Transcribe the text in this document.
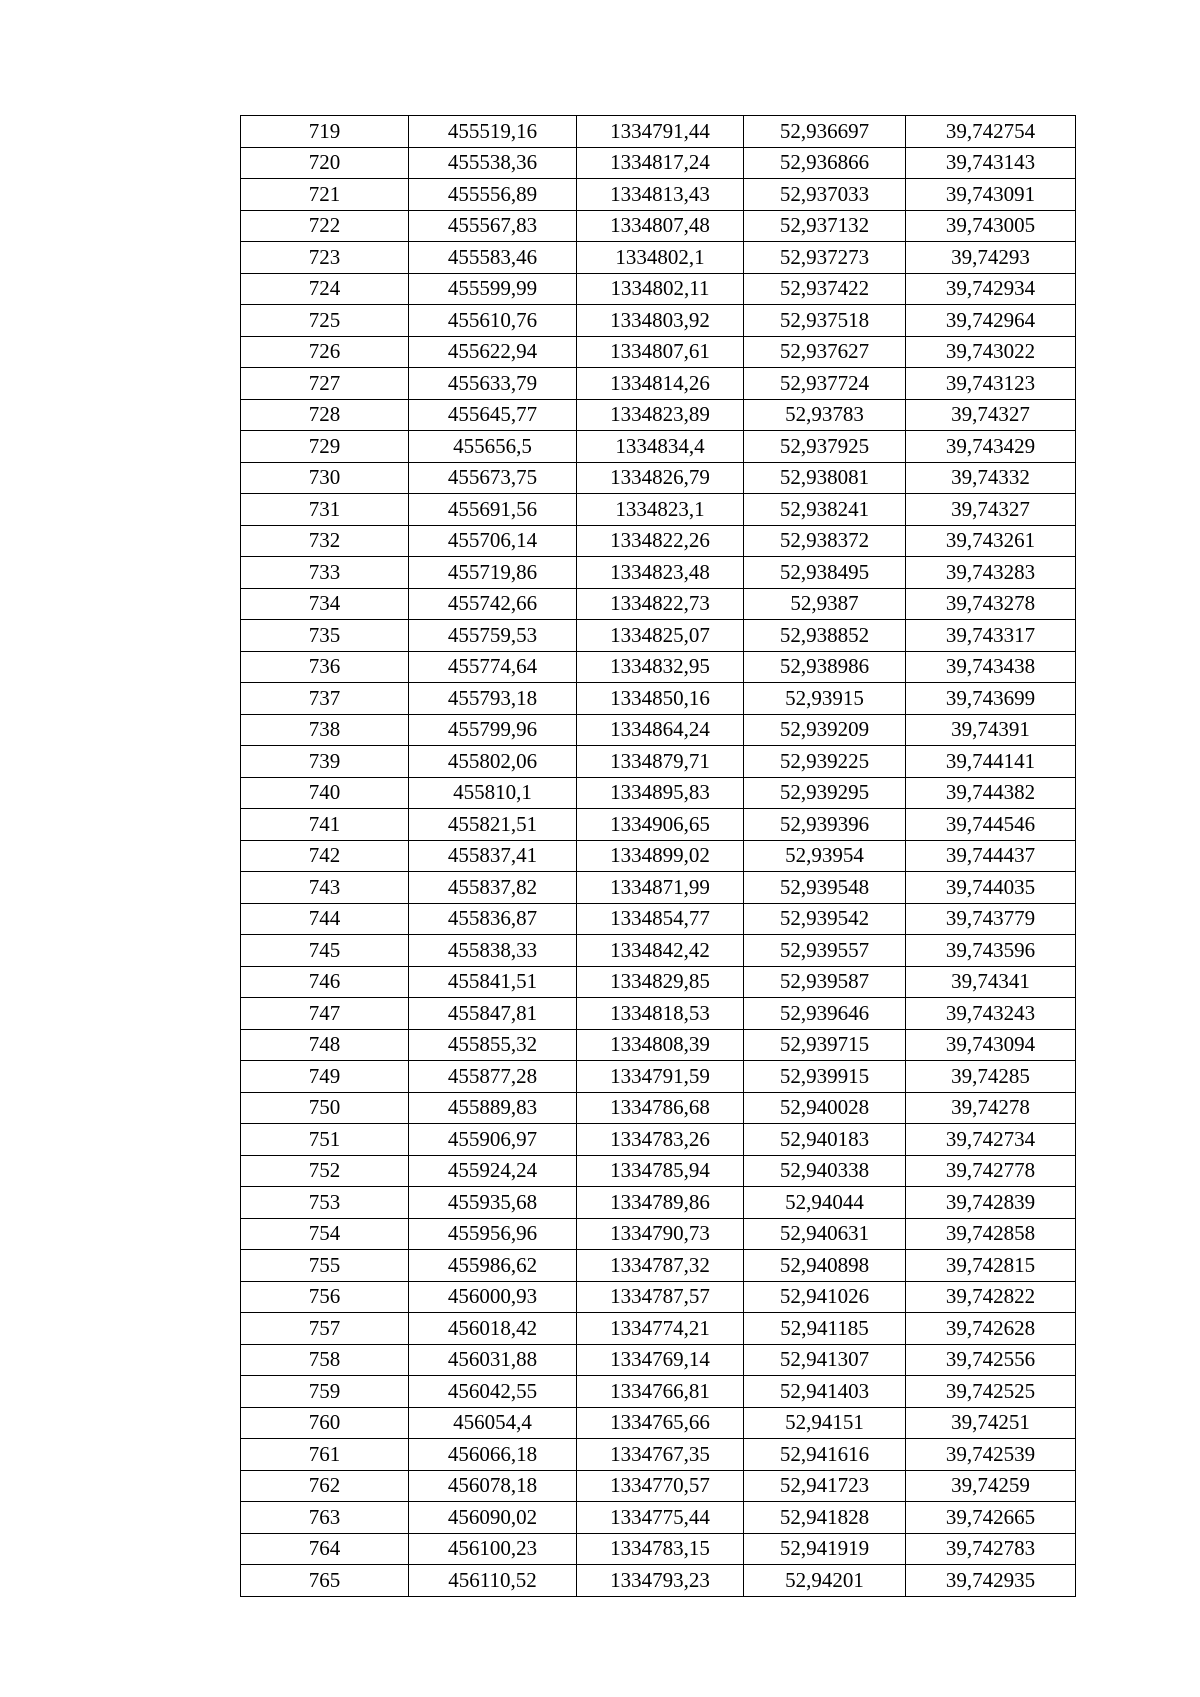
719	455519,16	1334791,44	52,936697	39,742754
720	455538,36	1334817,24	52,936866	39,743143
721	455556,89	1334813,43	52,937033	39,743091
722	455567,83	1334807,48	52,937132	39,743005
723	455583,46	1334802,1	52,937273	39,74293
724	455599,99	1334802,11	52,937422	39,742934
725	455610,76	1334803,92	52,937518	39,742964
726	455622,94	1334807,61	52,937627	39,743022
727	455633,79	1334814,26	52,937724	39,743123
728	455645,77	1334823,89	52,93783	39,74327
729	455656,5	1334834,4	52,937925	39,743429
730	455673,75	1334826,79	52,938081	39,74332
731	455691,56	1334823,1	52,938241	39,74327
732	455706,14	1334822,26	52,938372	39,743261
733	455719,86	1334823,48	52,938495	39,743283
734	455742,66	1334822,73	52,9387	39,743278
735	455759,53	1334825,07	52,938852	39,743317
736	455774,64	1334832,95	52,938986	39,743438
737	455793,18	1334850,16	52,93915	39,743699
738	455799,96	1334864,24	52,939209	39,74391
739	455802,06	1334879,71	52,939225	39,744141
740	455810,1	1334895,83	52,939295	39,744382
741	455821,51	1334906,65	52,939396	39,744546
742	455837,41	1334899,02	52,93954	39,744437
743	455837,82	1334871,99	52,939548	39,744035
744	455836,87	1334854,77	52,939542	39,743779
745	455838,33	1334842,42	52,939557	39,743596
746	455841,51	1334829,85	52,939587	39,74341
747	455847,81	1334818,53	52,939646	39,743243
748	455855,32	1334808,39	52,939715	39,743094
749	455877,28	1334791,59	52,939915	39,74285
750	455889,83	1334786,68	52,940028	39,74278
751	455906,97	1334783,26	52,940183	39,742734
752	455924,24	1334785,94	52,940338	39,742778
753	455935,68	1334789,86	52,94044	39,742839
754	455956,96	1334790,73	52,940631	39,742858
755	455986,62	1334787,32	52,940898	39,742815
756	456000,93	1334787,57	52,941026	39,742822
757	456018,42	1334774,21	52,941185	39,742628
758	456031,88	1334769,14	52,941307	39,742556
759	456042,55	1334766,81	52,941403	39,742525
760	456054,4	1334765,66	52,94151	39,74251
761	456066,18	1334767,35	52,941616	39,742539
762	456078,18	1334770,57	52,941723	39,74259
763	456090,02	1334775,44	52,941828	39,742665
764	456100,23	1334783,15	52,941919	39,742783
765	456110,52	1334793,23	52,94201	39,742935
